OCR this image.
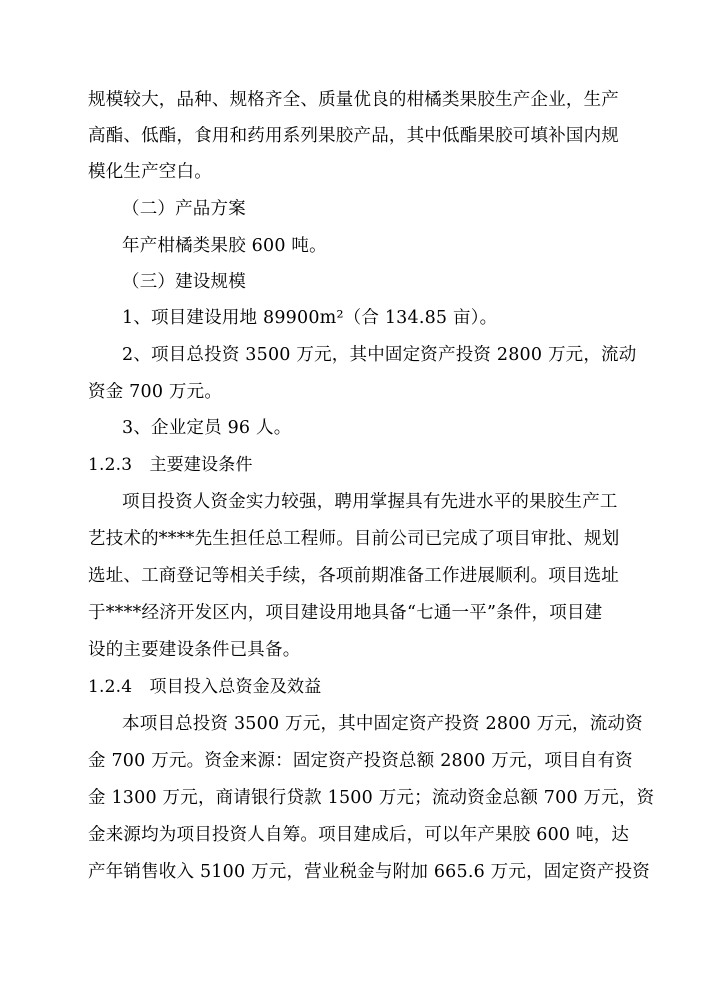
规模较大，品种、规格齐全、质量优良的柑橘类果胶生产企业，生产
高酯、低酯，食用和药用系列果胶产品，其中低酯果胶可填补国内规
模化生产空白。
（二）产品方案
年产柑橘类果胶 600 吨。
（三）建设规模
1、项目建设用地 89900m²（合 134.85 亩）。
2、项目总投资 3500 万元，其中固定资产投资 2800 万元，流动
资金 700 万元。
3、企业定员 96 人。
1.2.3　主要建设条件
项目投资人资金实力较强，聘用掌握具有先进水平的果胶生产工
艺技术的****先生担任总工程师。目前公司已完成了项目审批、规划
选址、工商登记等相关手续，各项前期准备工作进展顺利。项目选址
于****经济开发区内，项目建设用地具备“七通一平”条件，项目建
设的主要建设条件已具备。
1.2.4　项目投入总资金及效益
本项目总投资 3500 万元，其中固定资产投资 2800 万元，流动资
金 700 万元。资金来源：固定资产投资总额 2800 万元，项目自有资
金 1300 万元，商请银行贷款 1500 万元；流动资金总额 700 万元，资
金来源均为项目投资人自筹。项目建成后，可以年产果胶 600 吨，达
产年销售收入 5100 万元，营业税金与附加 665.6 万元，固定资产投资
